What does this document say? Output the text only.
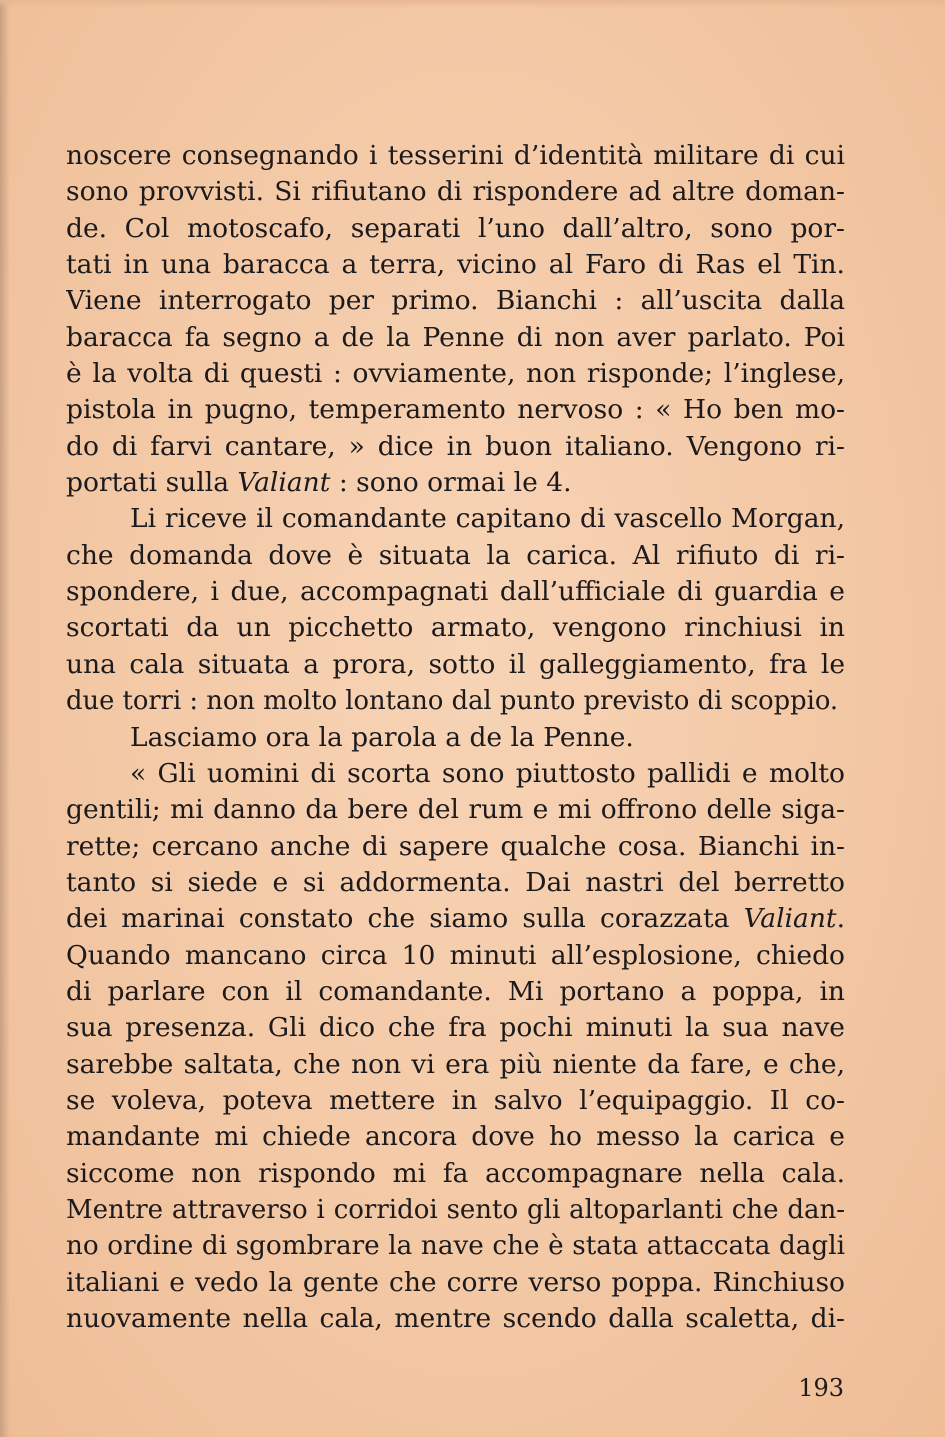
noscere consegnando i tesserini d’identità militare di cui
sono provvisti. Si rifiutano di rispondere ad altre doman-
de. Col motoscafo, separati l’uno dall’altro, sono por-
tati in una baracca a terra, vicino al Faro di Ras el Tin.
Viene interrogato per primo. Bianchi : all’uscita dalla
baracca fa segno a de la Penne di non aver parlato. Poi
è la volta di questi : ovviamente, non risponde; l’inglese,
pistola in pugno, temperamento nervoso : « Ho ben mo-
do di farvi cantare, » dice in buon italiano. Vengono ri-
portati sulla Valiant : sono ormai le 4.
Li riceve il comandante capitano di vascello Morgan,
che domanda dove è situata la carica. Al rifiuto di ri-
spondere, i due, accompagnati dall’ufficiale di guardia e
scortati da un picchetto armato, vengono rinchiusi in
una cala situata a prora, sotto il galleggiamento, fra le
due torri : non molto lontano dal punto previsto di scoppio.
Lasciamo ora la parola a de la Penne.
« Gli uomini di scorta sono piuttosto pallidi e molto
gentili; mi danno da bere del rum e mi offrono delle siga-
rette; cercano anche di sapere qualche cosa. Bianchi in-
tanto si siede e si addormenta. Dai nastri del berretto
dei marinai constato che siamo sulla corazzata Valiant.
Quando mancano circa 10 minuti all’esplosione, chiedo
di parlare con il comandante. Mi portano a poppa, in
sua presenza. Gli dico che fra pochi minuti la sua nave
sarebbe saltata, che non vi era più niente da fare, e che,
se voleva, poteva mettere in salvo l’equipaggio. Il co-
mandante mi chiede ancora dove ho messo la carica e
siccome non rispondo mi fa accompagnare nella cala.
Mentre attraverso i corridoi sento gli altoparlanti che dan-
no ordine di sgombrare la nave che è stata attaccata dagli
italiani e vedo la gente che corre verso poppa. Rinchiuso
nuovamente nella cala, mentre scendo dalla scaletta, di-
193
